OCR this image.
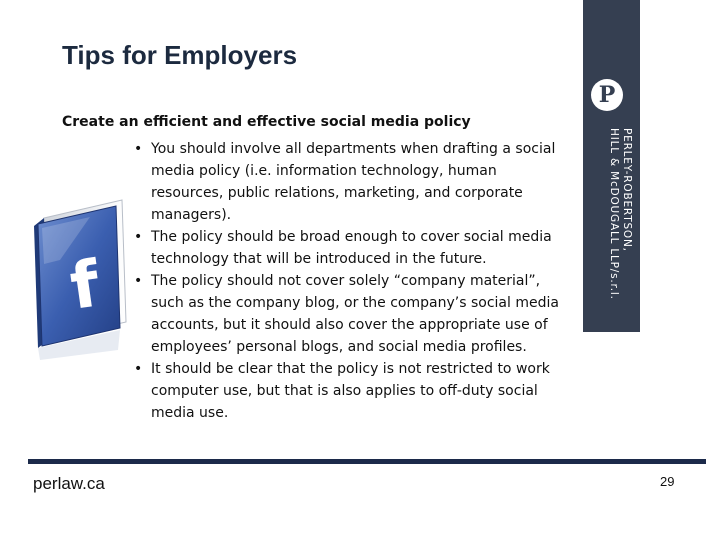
Tips for Employers
Create an efficient and effective social media policy
• You should involve all departments when drafting a social media policy (i.e. information technology, human resources, public relations, marketing, and corporate managers).
• The policy should be broad enough to cover social media technology that will be introduced in the future.
• The policy should not cover solely “company material”, such as the company blog, or the company’s social media accounts, but it should also cover the appropriate use of employees’ personal blogs, and social media profiles.
• It should be clear that the policy is not restricted to work computer use, but that is also applies to off-duty social media use.
P
PERLEY-ROBERTSON,
HILL & McDOUGALL LLP/s.r.l.
f
perlaw.ca	29
